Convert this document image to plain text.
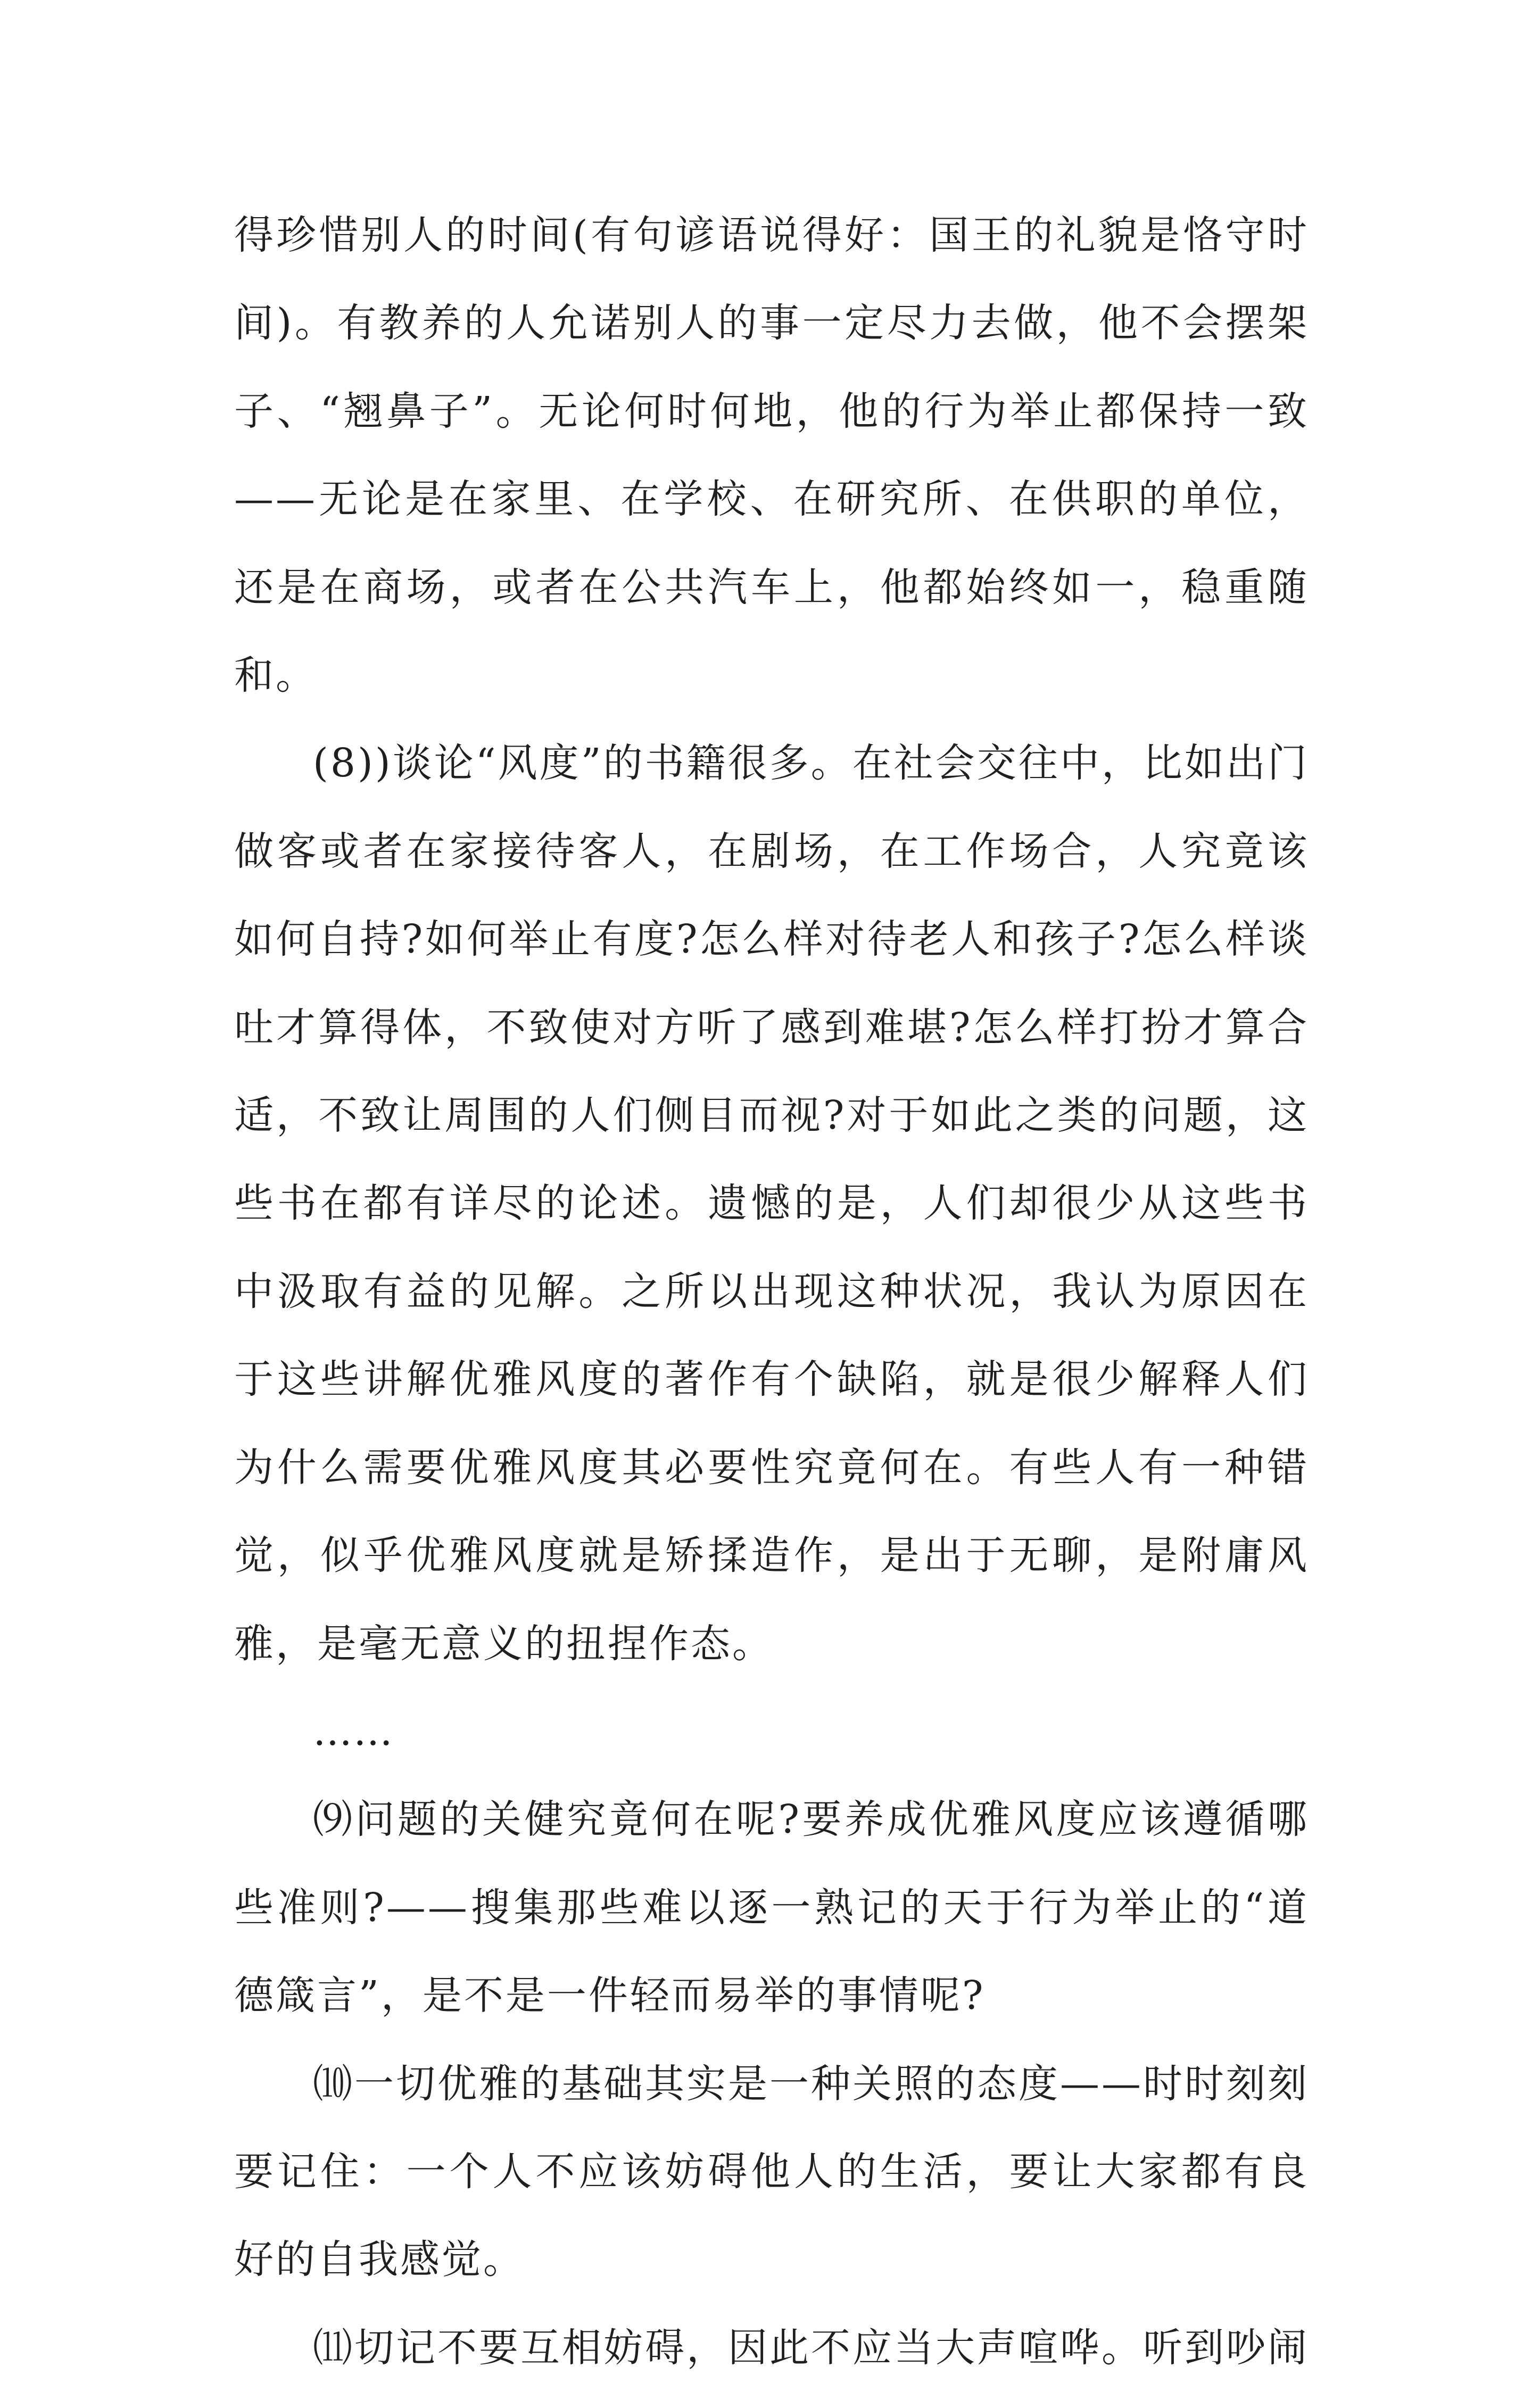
得珍惜别人的时间(有句谚语说得好：国王的礼貌是恪守时间)。有教养的人允诺别人的事一定尽力去做，他不会摆架子、“翘鼻子”。无论何时何地，他的行为举止都保持一致——无论是在家里、在学校、在研究所、在供职的单位，还是在商场，或者在公共汽车上，他都始终如一，稳重随和。

(8))谈论“风度”的书籍很多。在社会交往中，比如出门做客或者在家接待客人，在剧场，在工作场合，人究竟该如何自持?如何举止有度?怎么样对待老人和孩子?怎么样谈吐才算得体，不致使对方听了感到难堪?怎么样打扮才算合适，不致让周围的人们侧目而视?对于如此之类的问题，这些书在都有详尽的论述。遗憾的是，人们却很少从这些书中汲取有益的见解。之所以出现这种状况，我认为原因在于这些讲解优雅风度的著作有个缺陷，就是很少解释人们为什么需要优雅风度其必要性究竟何在。有些人有一种错觉，似乎优雅风度就是矫揉造作，是出于无聊，是附庸风雅，是毫无意义的扭捏作态。

……

⑼问题的关健究竟何在呢?要养成优雅风度应该遵循哪些准则?——搜集那些难以逐一熟记的天于行为举止的“道德箴言”，是不是一件轻而易举的事情呢?

⑽一切优雅的基础其实是一种关照的态度——时时刻刻要记住：一个人不应该妨碍他人的生活，要让大家都有良好的自我感觉。

⑾切记不要互相妨碍，因此不应当大声喧哗。听到吵闹
